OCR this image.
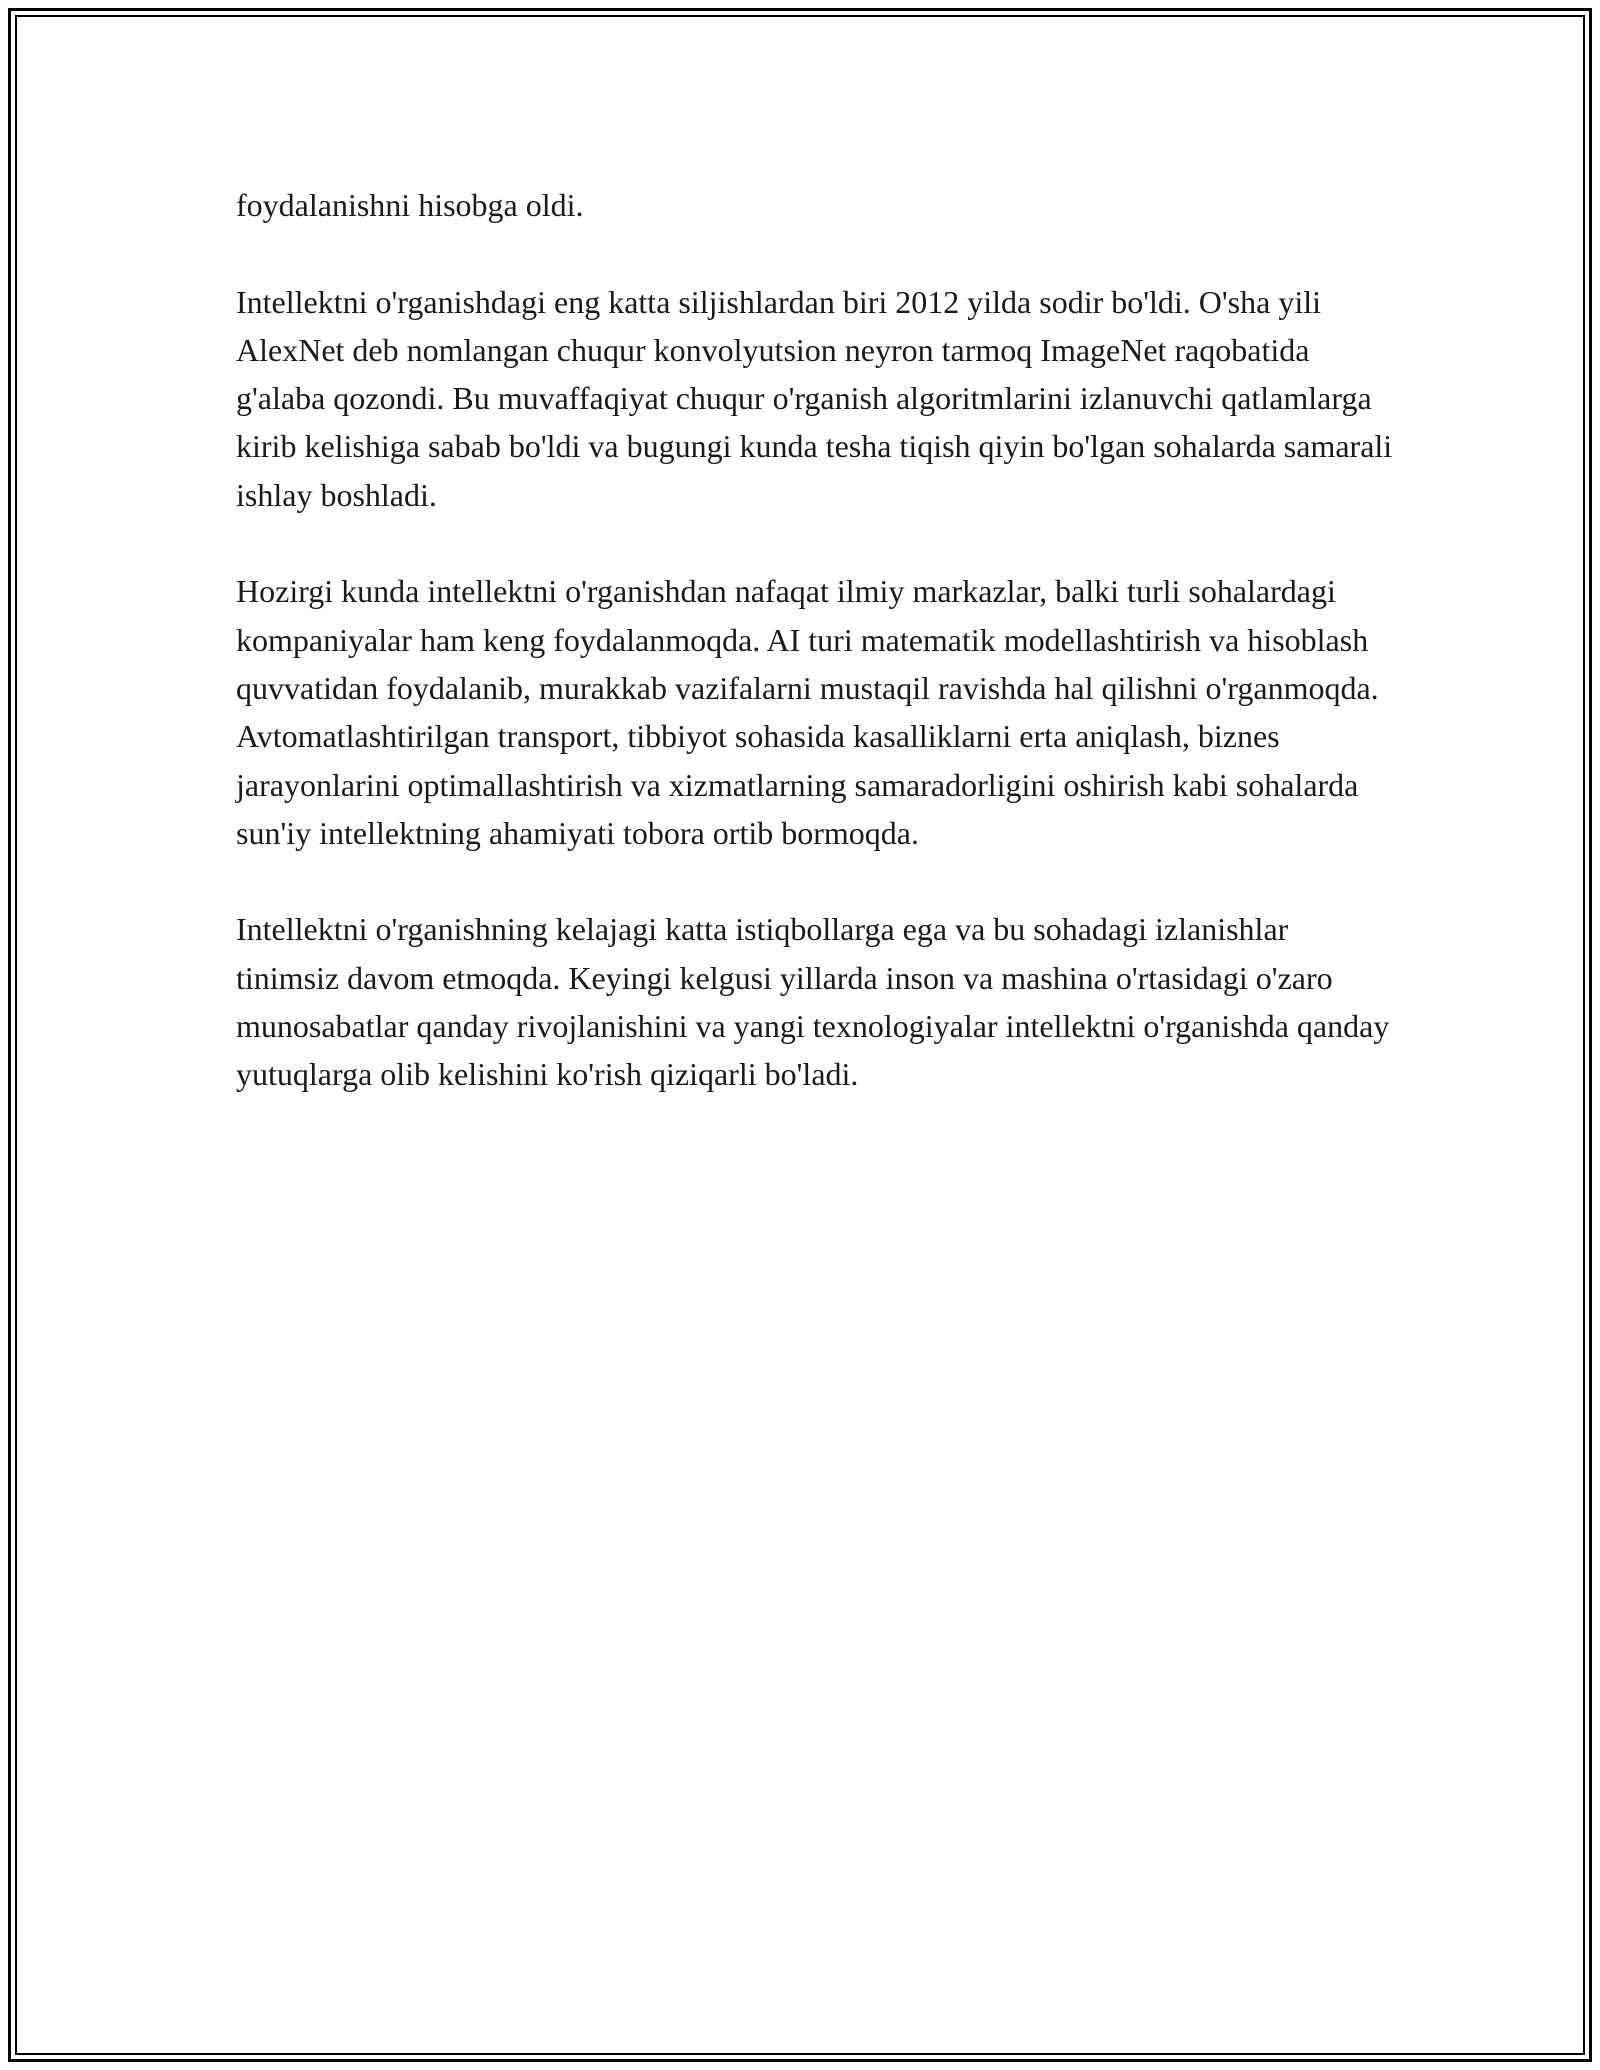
foydalanishni hisobga oldi.

Intellektni o'rganishdagi eng katta siljishlardan biri 2012 yilda sodir bo'ldi. O'sha yili AlexNet deb nomlangan chuqur konvolyutsion neyron tarmoq ImageNet raqobatida g'alaba qozondi. Bu muvaffaqiyat chuqur o'rganish algoritmlarini izlanuvchi qatlamlarga kirib kelishiga sabab bo'ldi va bugungi kunda tesha tiqish qiyin bo'lgan sohalarda samarali ishlay boshladi.

Hozirgi kunda intellektni o'rganishdan nafaqat ilmiy markazlar, balki turli sohalardagi kompaniyalar ham keng foydalanmoqda. AI turi matematik modellashtirish va hisoblash quvvatidan foydalanib, murakkab vazifalarni mustaqil ravishda hal qilishni o'rganmoqda. Avtomatlashtirilgan transport, tibbiyot sohasida kasalliklarni erta aniqlash, biznes jarayonlarini optimallashtirish va xizmatlarning samaradorligini oshirish kabi sohalarda sun'iy intellektning ahamiyati tobora ortib bormoqda.

Intellektni o'rganishning kelajagi katta istiqbollarga ega va bu sohadagi izlanishlar tinimsiz davom etmoqda. Keyingi kelgusi yillarda inson va mashina o'rtasidagi o'zaro munosabatlar qanday rivojlanishini va yangi texnologiyalar intellektni o'rganishda qanday yutuqlarga olib kelishini ko'rish qiziqarli bo'ladi.
